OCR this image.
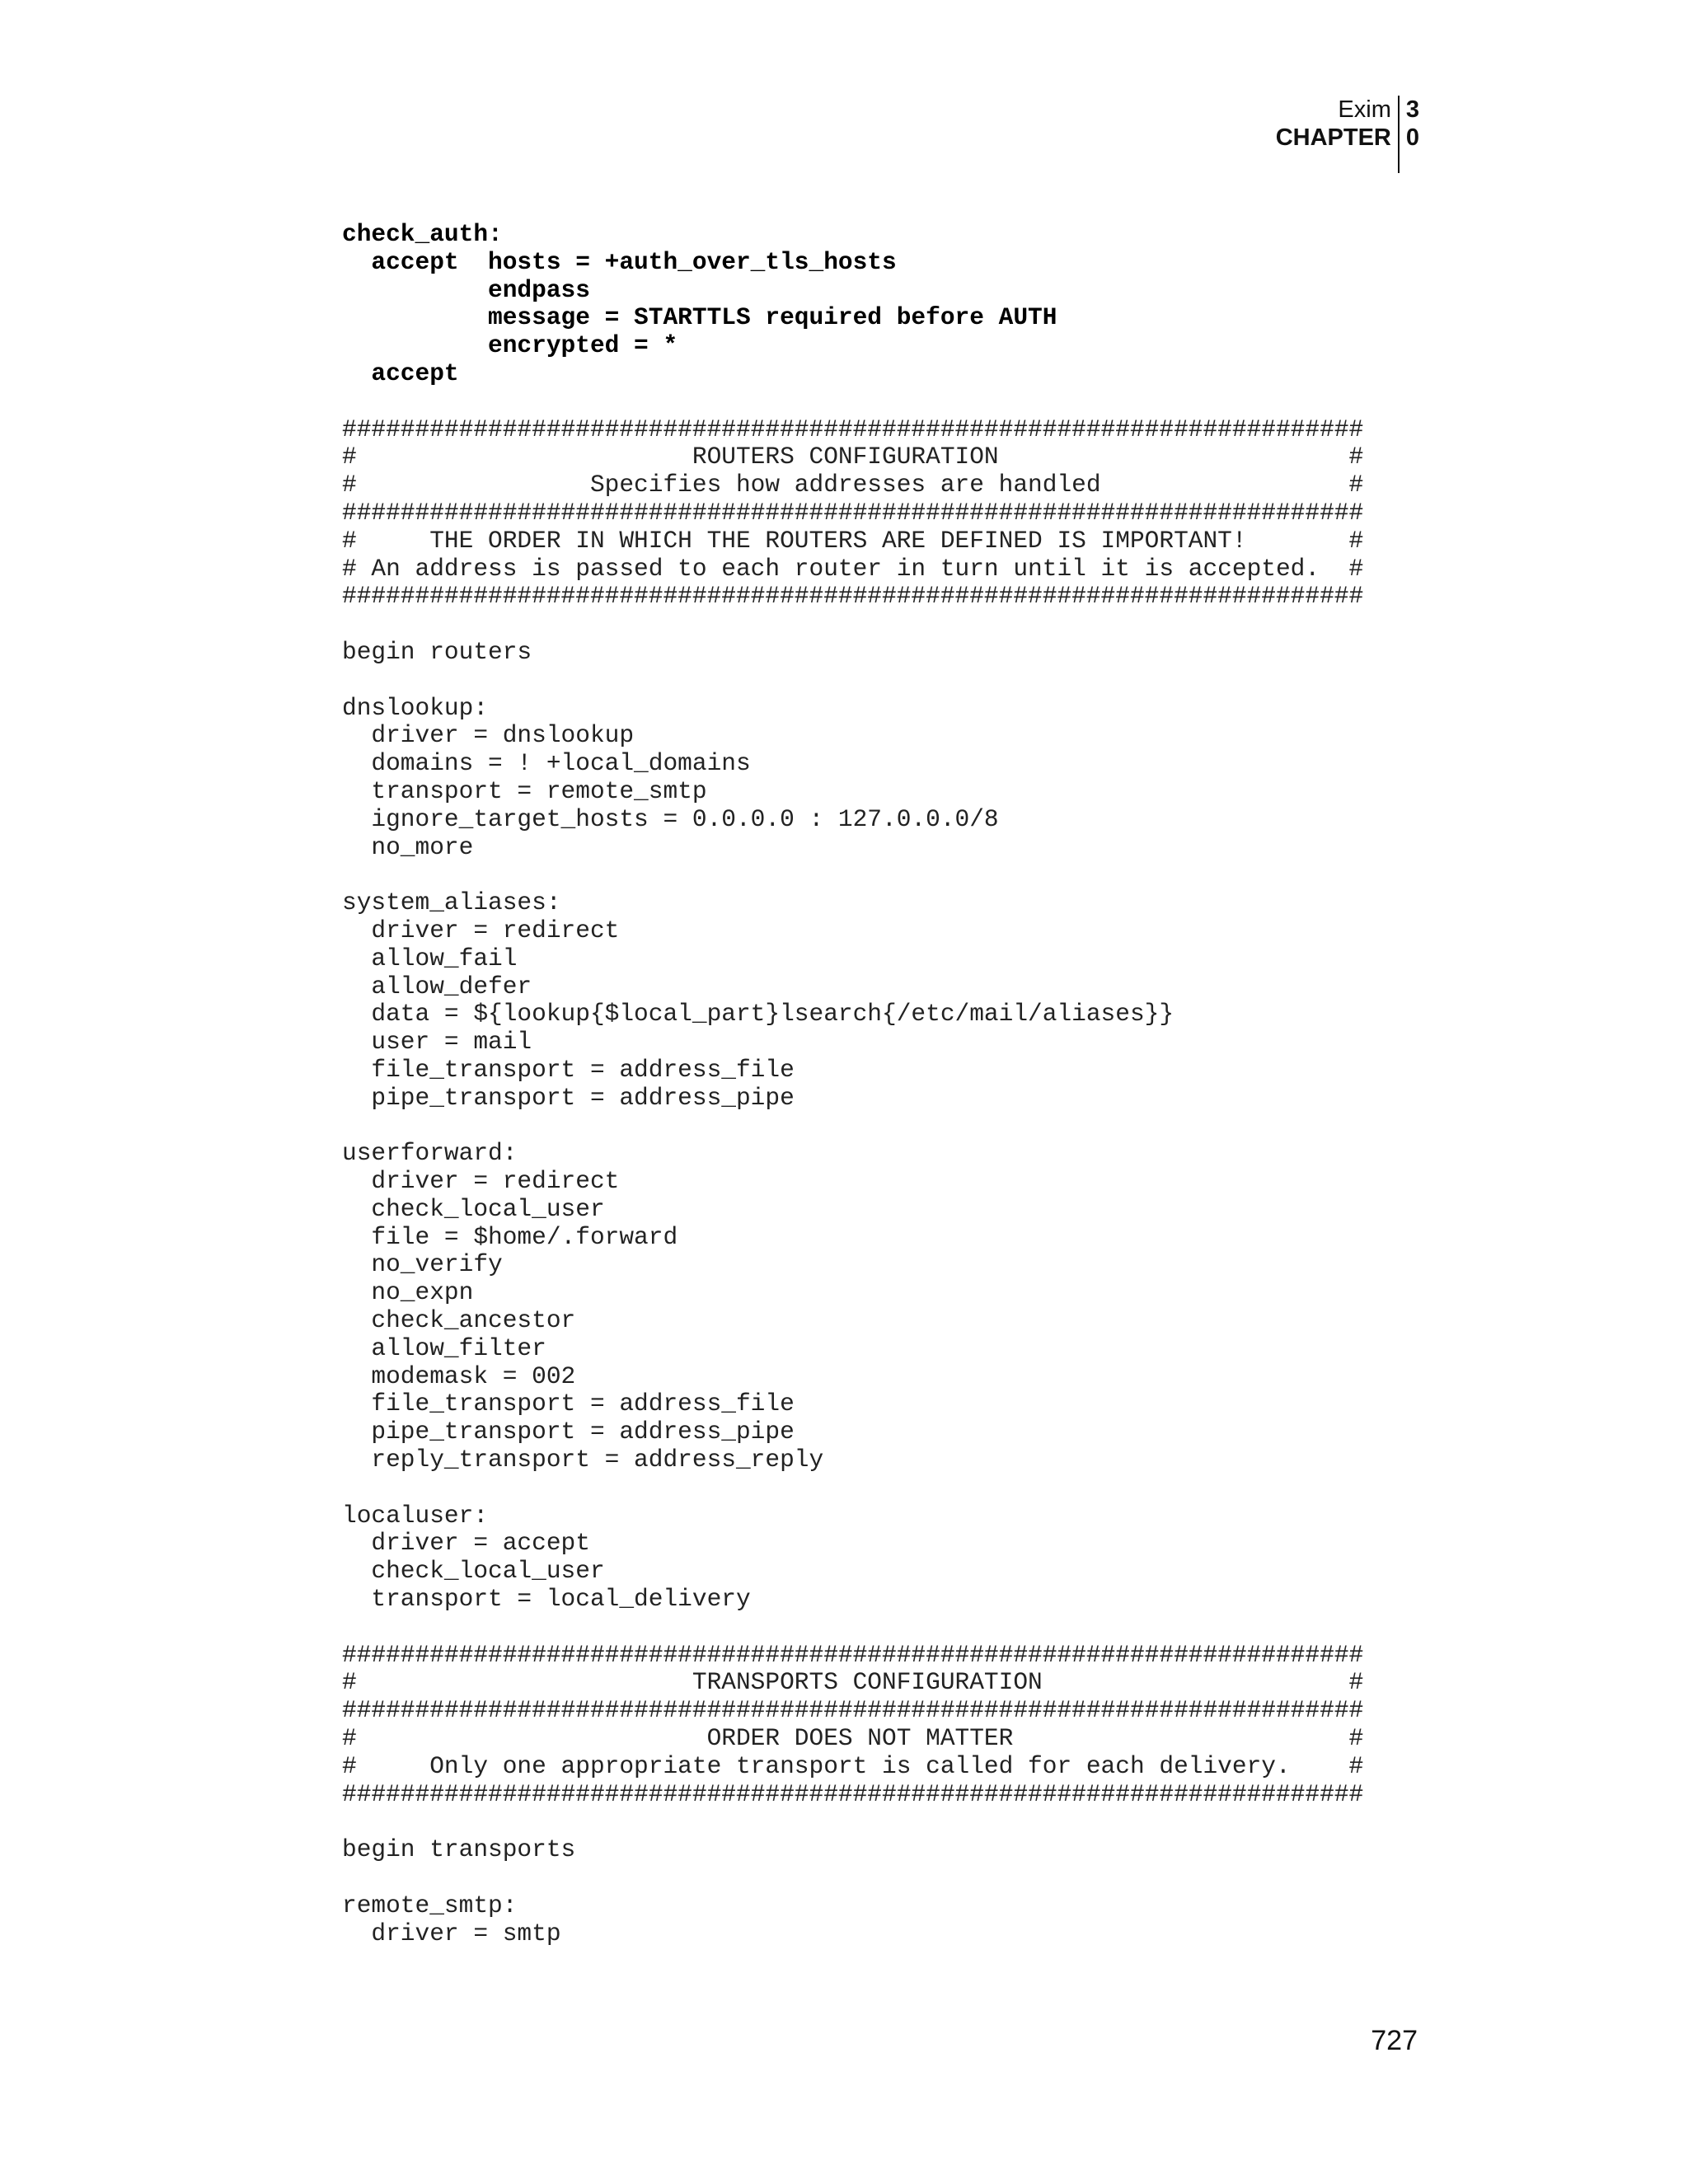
Exim
CHAPTER
3
0
check_auth:
accept  hosts = +auth_over_tls_hosts
endpass
message = STARTTLS required before AUTH
encrypted = *
accept
######################################################################
#                       ROUTERS CONFIGURATION                        #
#                Specifies how addresses are handled                 #
######################################################################
#     THE ORDER IN WHICH THE ROUTERS ARE DEFINED IS IMPORTANT!       #
# An address is passed to each router in turn until it is accepted.  #
######################################################################
begin routers
dnslookup:
driver = dnslookup
domains = ! +local_domains
transport = remote_smtp
ignore_target_hosts = 0.0.0.0 : 127.0.0.0/8
no_more
system_aliases:
driver = redirect
allow_fail
allow_defer
data = ${lookup{$local_part}lsearch{/etc/mail/aliases}}
user = mail
file_transport = address_file
pipe_transport = address_pipe
userforward:
driver = redirect
check_local_user
file = $home/.forward
no_verify
no_expn
check_ancestor
allow_filter
modemask = 002
file_transport = address_file
pipe_transport = address_pipe
reply_transport = address_reply
localuser:
driver = accept
check_local_user
transport = local_delivery
######################################################################
#                       TRANSPORTS CONFIGURATION                     #
######################################################################
#                        ORDER DOES NOT MATTER                       #
#     Only one appropriate transport is called for each delivery.    #
######################################################################
begin transports
remote_smtp:
driver = smtp
727
